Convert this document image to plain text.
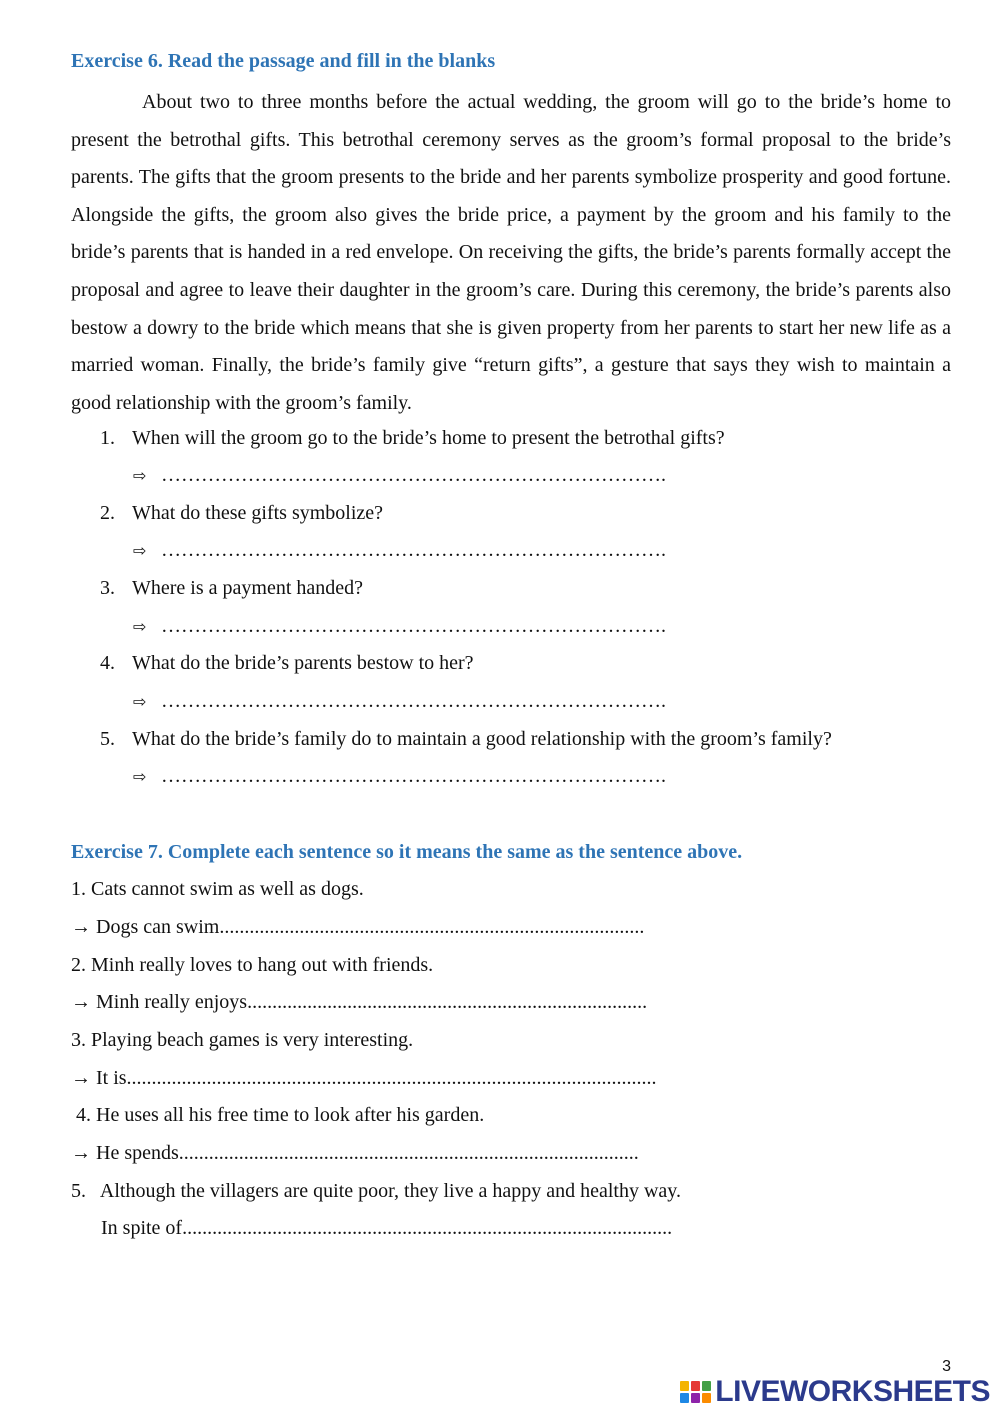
Exercise 6. Read the passage and fill in the blanks

About two to three months before the actual wedding, the groom will go to the bride’s home to present the betrothal gifts. This betrothal ceremony serves as the groom’s formal proposal to the bride’s parents. The gifts that the groom presents to the bride and her parents symbolize prosperity and good fortune. Alongside the gifts, the groom also gives the bride price, a payment by the groom and his family to the bride’s parents that is handed in a red envelope. On receiving the gifts, the bride’s parents formally accept the proposal and agree to leave their daughter in the groom’s care. During this ceremony, the bride’s parents also bestow a dowry to the bride which means that she is given property from her parents to start her new life as a married woman. Finally, the bride’s family give “return gifts”, a gesture that says they wish to maintain a good relationship with the groom’s family.

1. When will the groom go to the bride’s home to present the betrothal gifts?
⇨ ………………………………………………………………….
2. What do these gifts symbolize?
⇨ ………………………………………………………………….
3. Where is a payment handed?
⇨ ………………………………………………………………….
4. What do the bride’s parents bestow to her?
⇨ ………………………………………………………………….
5. What do the bride’s family do to maintain a good relationship with the groom’s family?
⇨ ………………………………………………………………….
Exercise 7. Complete each sentence so it means the same as the sentence above.
1. Cats cannot swim as well as dogs.
→ Dogs can swim.....................................................................................
2. Minh really loves to hang out with friends.
→ Minh really enjoys................................................................................
3. Playing beach games is very interesting.
→ It is..........................................................................................................
4. He uses all his free time to look after his garden.
→ He spends............................................................................................
5.   Although the villagers are quite poor, they live a happy and healthy way.
In spite of..................................................................................................
3
LIVEWORKSHEETS
